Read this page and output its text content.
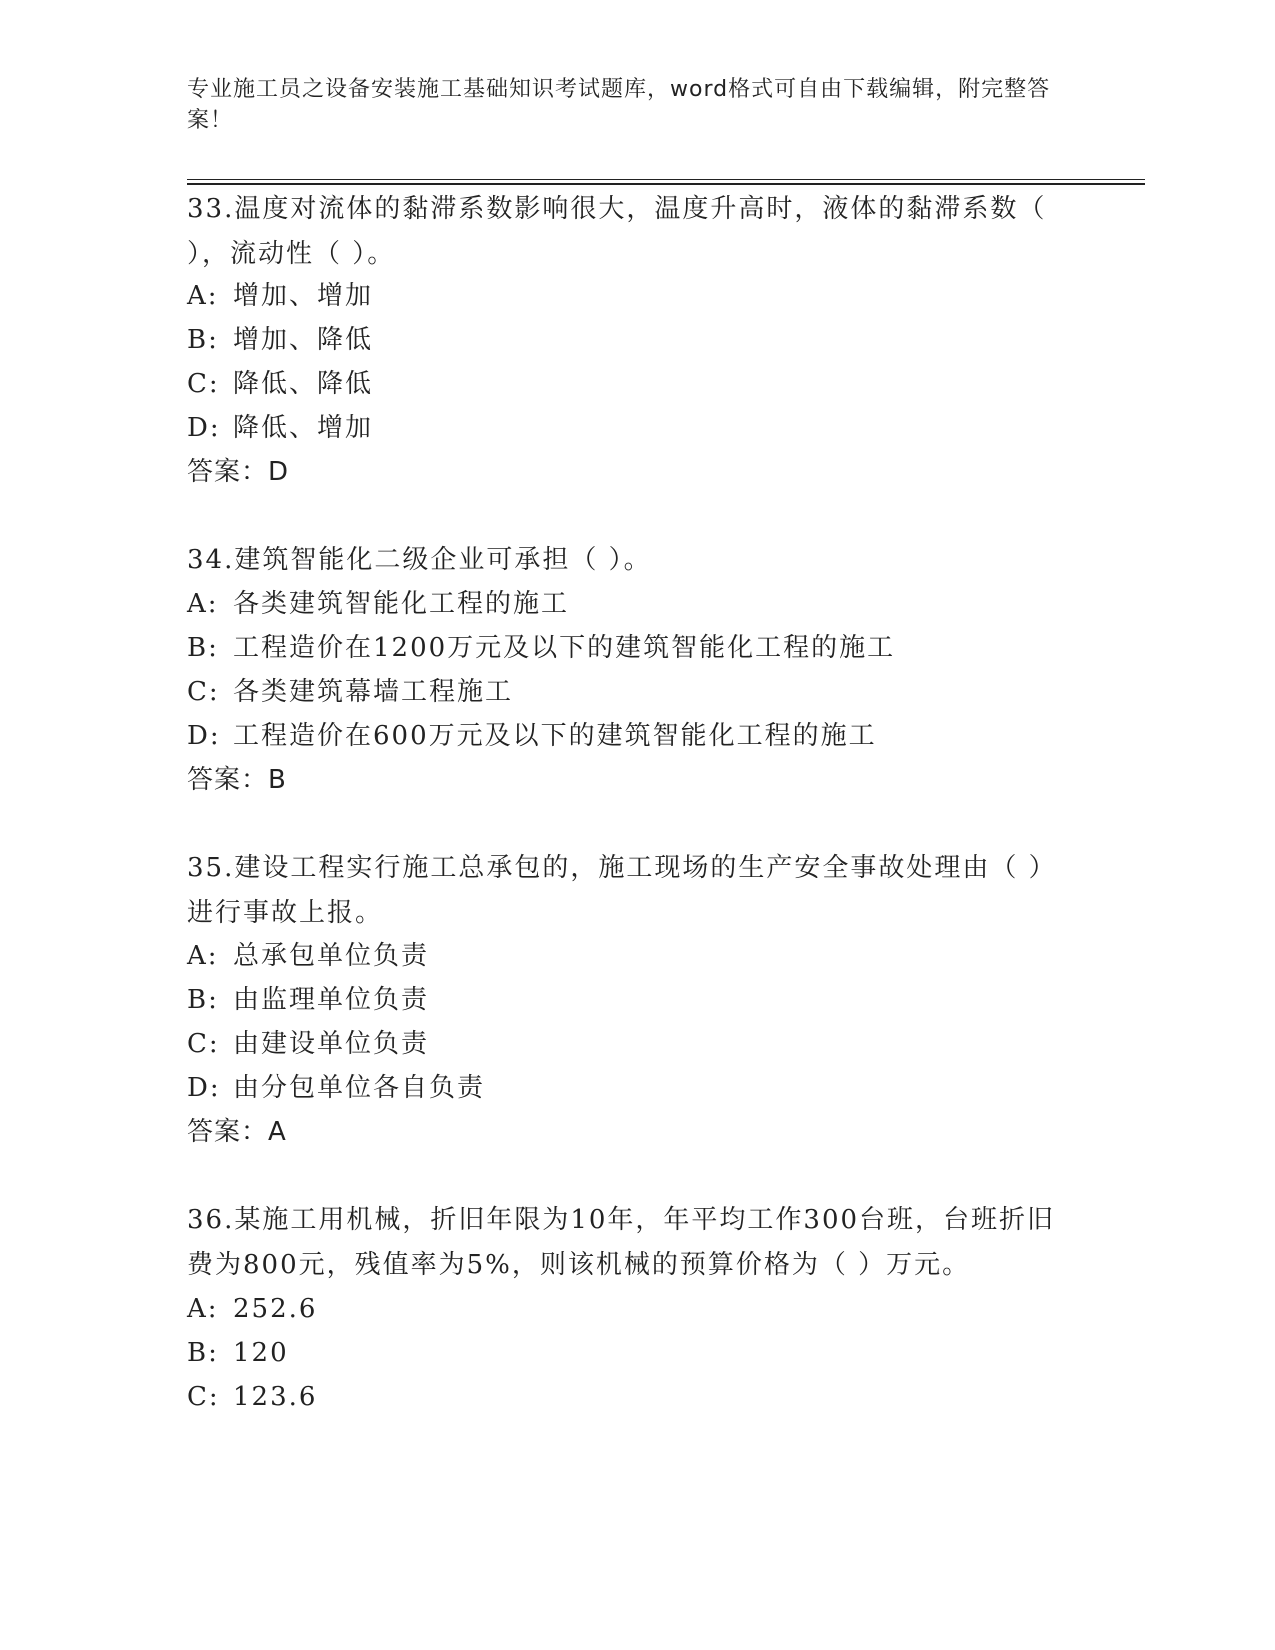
专业施工员之设备安装施工基础知识考试题库，word格式可自由下载编辑，附完整答案！
33.温度对流体的黏滞系数影响很大，温度升高时，液体的黏滞系数（ ），流动性（ ）。
A: 增加、增加
B: 增加、降低
C: 降低、降低
D: 降低、增加
答案：D
34.建筑智能化二级企业可承担（ ）。
A: 各类建筑智能化工程的施工
B: 工程造价在1200万元及以下的建筑智能化工程的施工
C: 各类建筑幕墙工程施工
D: 工程造价在600万元及以下的建筑智能化工程的施工
答案：B
35.建设工程实行施工总承包的，施工现场的生产安全事故处理由（ ）进行事故上报。
A: 总承包单位负责
B: 由监理单位负责
C: 由建设单位负责
D: 由分包单位各自负责
答案：A
36.某施工用机械，折旧年限为10年，年平均工作300台班，台班折旧费为800元，残值率为5%，则该机械的预算价格为（ ）万元。
A: 252.6
B: 120
C: 123.6
